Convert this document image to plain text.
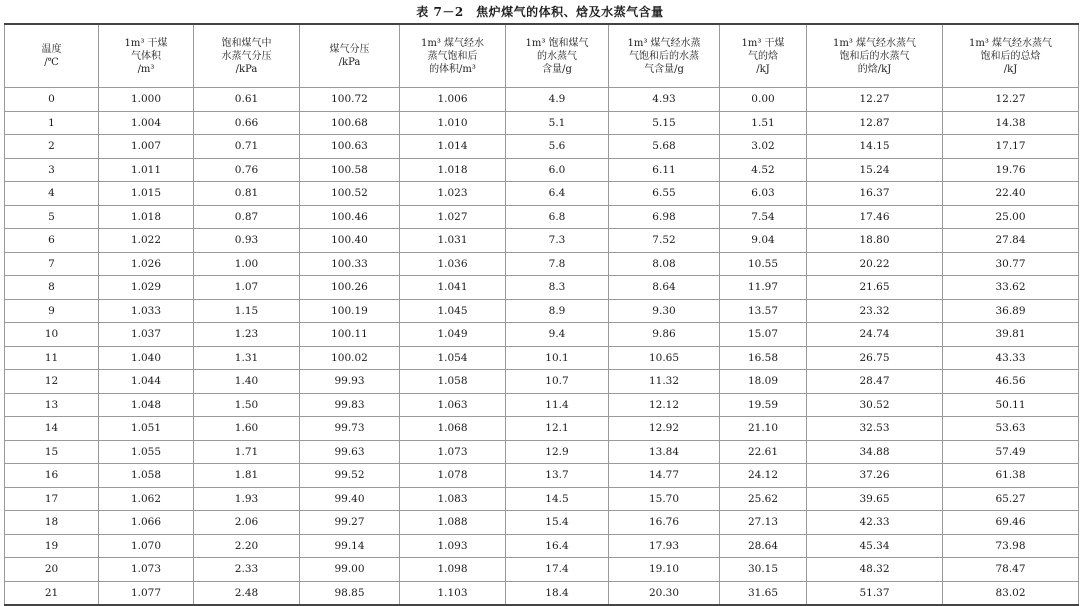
表 7－2　焦炉煤气的体积、焓及水蒸气含量
温度
/℃	1m³ 干煤
气体积
/m³	饱和煤气中
水蒸气分压
/kPa	煤气分压
/kPa	1m³ 煤气经水
蒸气饱和后
的体积/m³	1m³ 饱和煤气
的水蒸气
含量/g	1m³ 煤气经水蒸
气饱和后的水蒸
气含量/g	1m³ 干煤
气的焓
/kJ	1m³ 煤气经水蒸气
饱和后的水蒸气
的焓/kJ	1m³ 煤气经水蒸气
饱和后的总焓
/kJ
0	1.000	0.61	100.72	1.006	4.9	4.93	0.00	12.27	12.27
1	1.004	0.66	100.68	1.010	5.1	5.15	1.51	12.87	14.38
2	1.007	0.71	100.63	1.014	5.6	5.68	3.02	14.15	17.17
3	1.011	0.76	100.58	1.018	6.0	6.11	4.52	15.24	19.76
4	1.015	0.81	100.52	1.023	6.4	6.55	6.03	16.37	22.40
5	1.018	0.87	100.46	1.027	6.8	6.98	7.54	17.46	25.00
6	1.022	0.93	100.40	1.031	7.3	7.52	9.04	18.80	27.84
7	1.026	1.00	100.33	1.036	7.8	8.08	10.55	20.22	30.77
8	1.029	1.07	100.26	1.041	8.3	8.64	11.97	21.65	33.62
9	1.033	1.15	100.19	1.045	8.9	9.30	13.57	23.32	36.89
10	1.037	1.23	100.11	1.049	9.4	9.86	15.07	24.74	39.81
11	1.040	1.31	100.02	1.054	10.1	10.65	16.58	26.75	43.33
12	1.044	1.40	99.93	1.058	10.7	11.32	18.09	28.47	46.56
13	1.048	1.50	99.83	1.063	11.4	12.12	19.59	30.52	50.11
14	1.051	1.60	99.73	1.068	12.1	12.92	21.10	32.53	53.63
15	1.055	1.71	99.63	1.073	12.9	13.84	22.61	34.88	57.49
16	1.058	1.81	99.52	1.078	13.7	14.77	24.12	37.26	61.38
17	1.062	1.93	99.40	1.083	14.5	15.70	25.62	39.65	65.27
18	1.066	2.06	99.27	1.088	15.4	16.76	27.13	42.33	69.46
19	1.070	2.20	99.14	1.093	16.4	17.93	28.64	45.34	73.98
20	1.073	2.33	99.00	1.098	17.4	19.10	30.15	48.32	78.47
21	1.077	2.48	98.85	1.103	18.4	20.30	31.65	51.37	83.02
